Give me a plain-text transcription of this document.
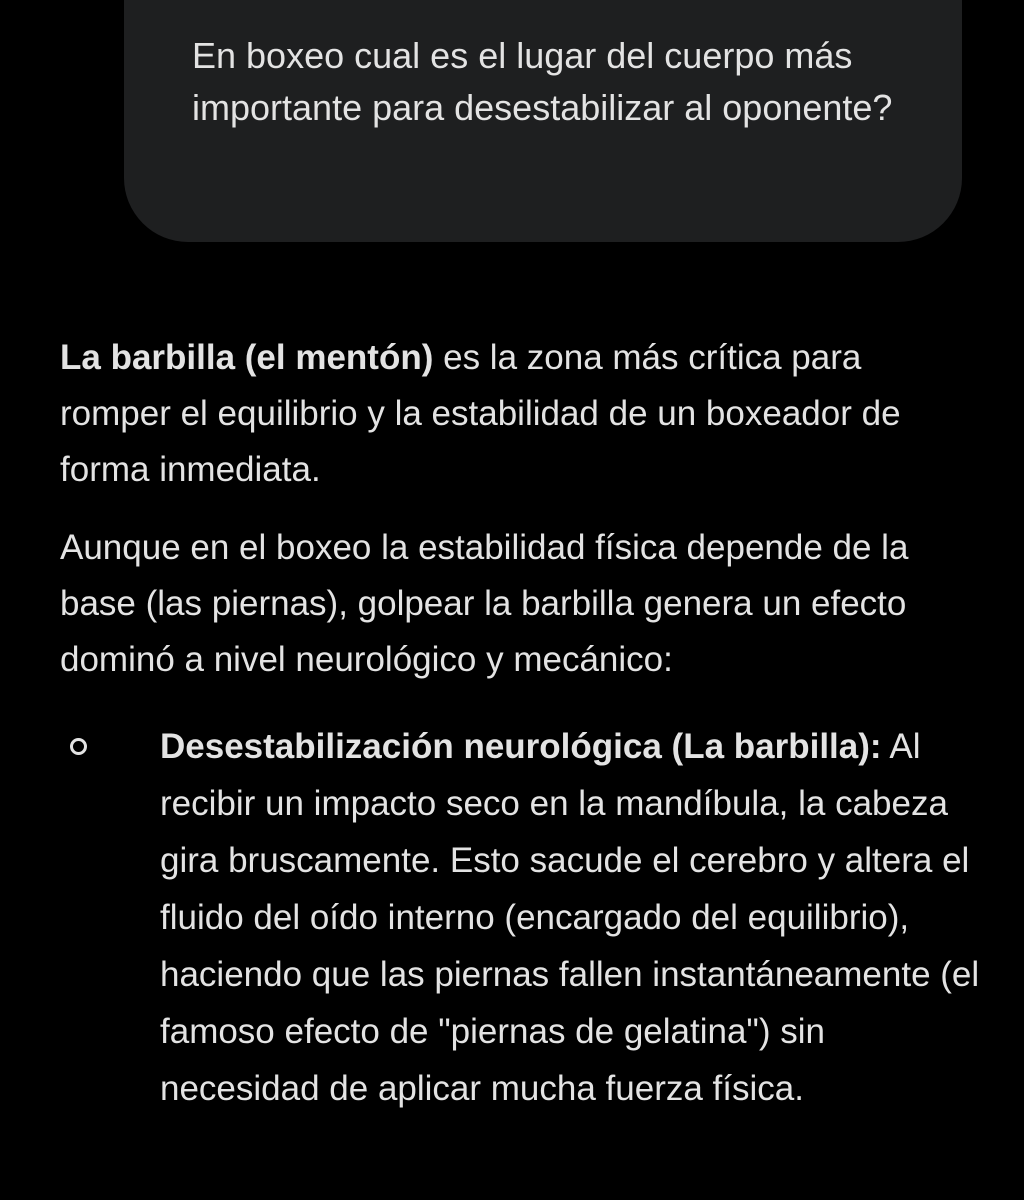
En boxeo cual es el lugar del cuerpo más importante para desestabilizar al oponente?

La barbilla (el mentón) es la zona más crítica para romper el equilibrio y la estabilidad de un boxeador de forma inmediata.

Aunque en el boxeo la estabilidad física depende de la base (las piernas), golpear la barbilla genera un efecto dominó a nivel neurológico y mecánico:

Desestabilización neurológica (La barbilla): Al recibir un impacto seco en la mandíbula, la cabeza gira bruscamente. Esto sacude el cerebro y altera el fluido del oído interno (encargado del equilibrio), haciendo que las piernas fallen instantáneamente (el famoso efecto de "piernas de gelatina") sin necesidad de aplicar mucha fuerza física.
